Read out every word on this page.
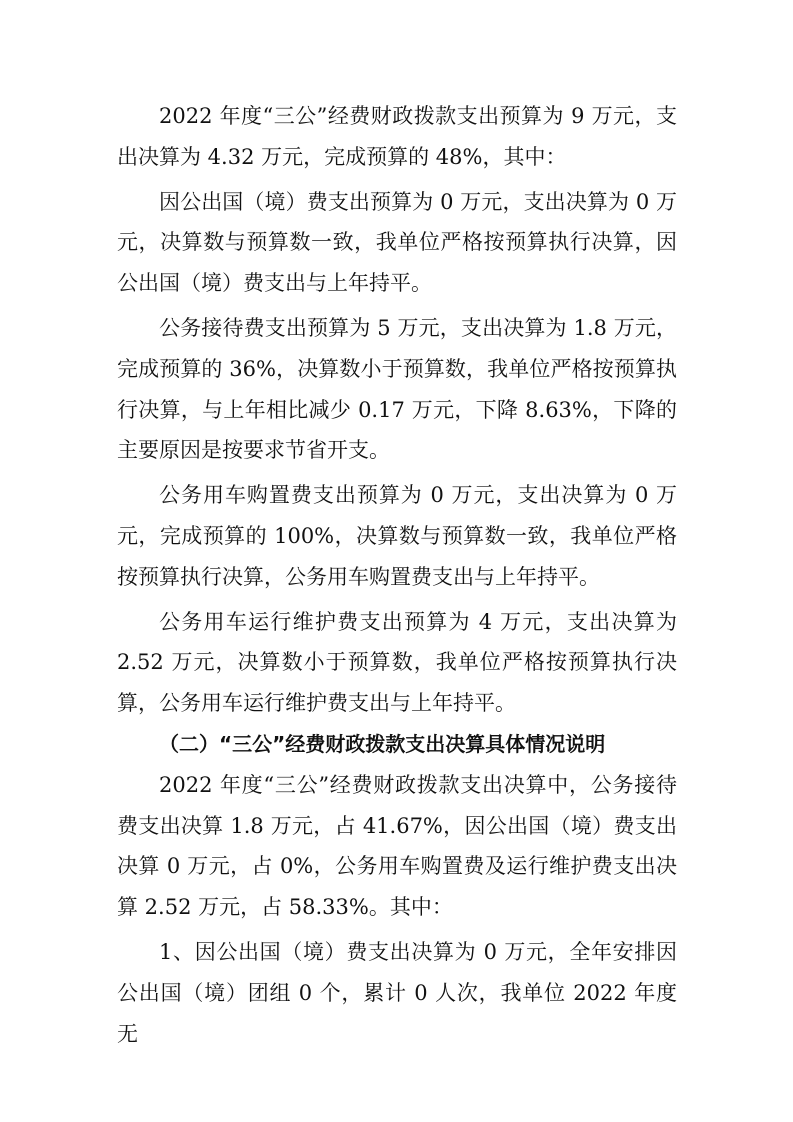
2022 年度“三公”经费财政拨款支出预算为 9 万元，支出决算为 4.32 万元，完成预算的 48%，其中：

因公出国（境）费支出预算为 0 万元，支出决算为 0 万元，决算数与预算数一致，我单位严格按预算执行决算，因公出国（境）费支出与上年持平。

公务接待费支出预算为 5 万元，支出决算为 1.8 万元，完成预算的 36%，决算数小于预算数，我单位严格按预算执行决算，与上年相比减少 0.17 万元，下降 8.63%，下降的主要原因是按要求节省开支。

公务用车购置费支出预算为 0 万元，支出决算为 0 万元，完成预算的 100%，决算数与预算数一致，我单位严格按预算执行决算，公务用车购置费支出与上年持平。

公务用车运行维护费支出预算为 4 万元，支出决算为 2.52 万元，决算数小于预算数，我单位严格按预算执行决算，公务用车运行维护费支出与上年持平。

（二）“三公”经费财政拨款支出决算具体情况说明

2022 年度“三公”经费财政拨款支出决算中，公务接待费支出决算 1.8 万元，占 41.67%，因公出国（境）费支出决算 0 万元，占 0%，公务用车购置费及运行维护费支出决算 2.52 万元，占 58.33%。其中：

1、因公出国（境）费支出决算为 0 万元，全年安排因公出国（境）团组 0 个，累计 0 人次，我单位 2022 年度无
